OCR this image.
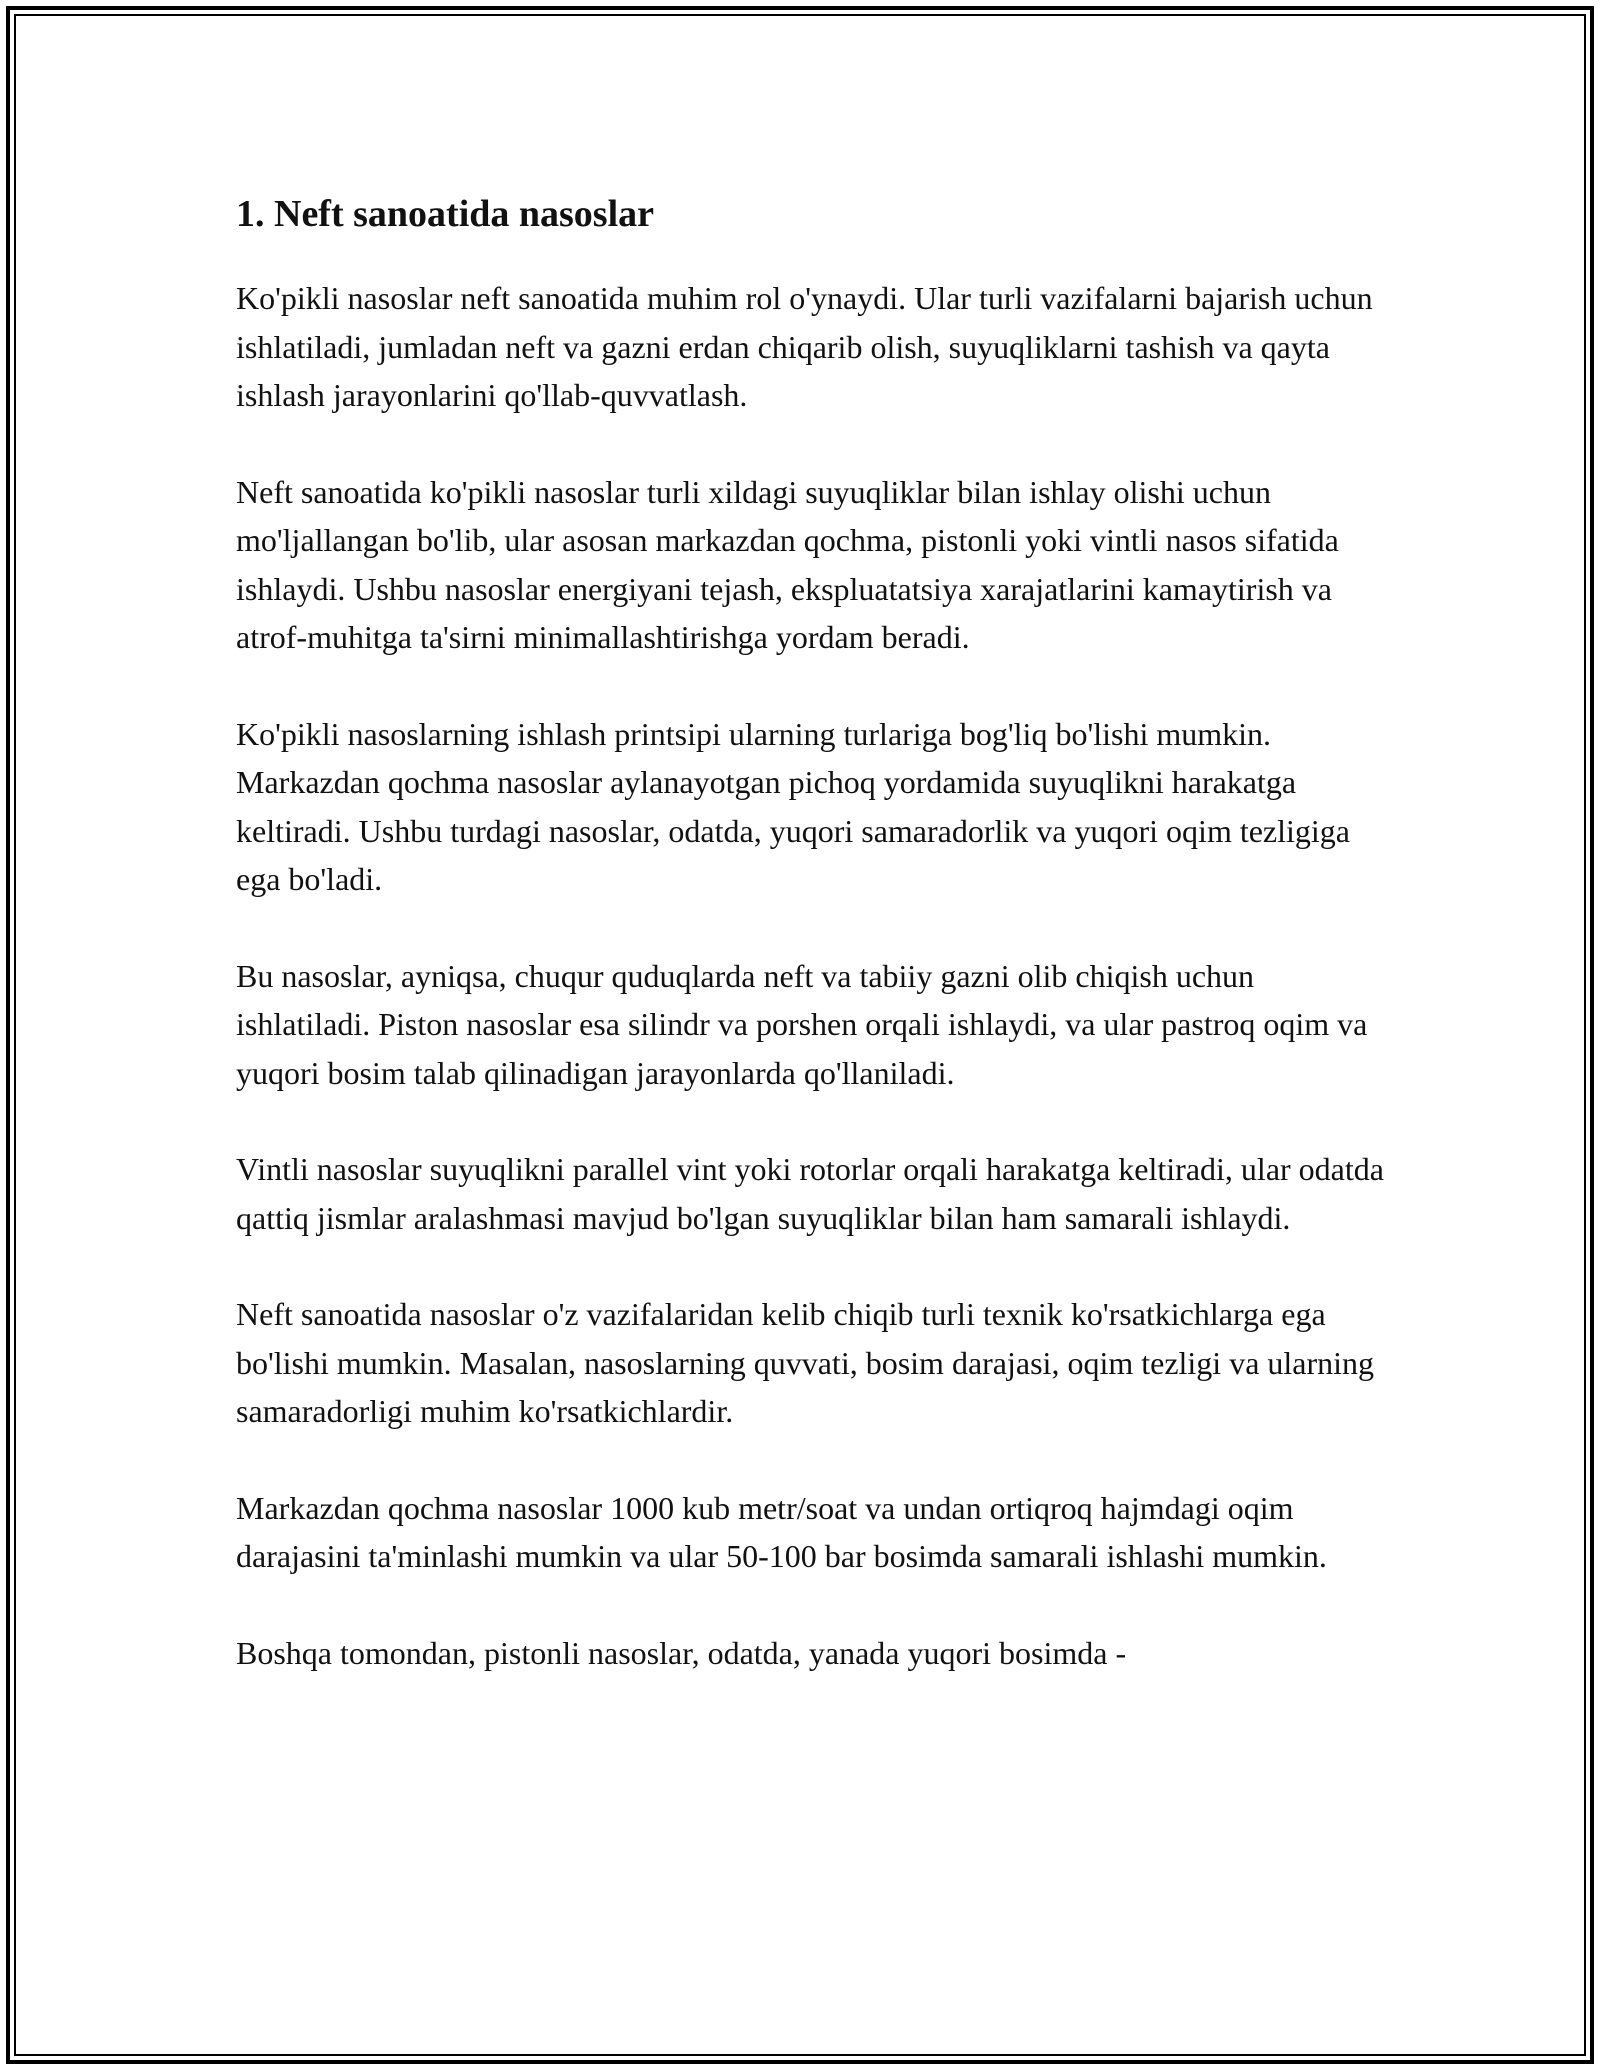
1. Neft sanoatida nasoslar

Ko'pikli nasoslar neft sanoatida muhim rol o'ynaydi. Ular turli vazifalarni bajarish uchun ishlatiladi, jumladan neft va gazni erdan chiqarib olish, suyuqliklarni tashish va qayta ishlash jarayonlarini qo'llab-quvvatlash.

Neft sanoatida ko'pikli nasoslar turli xildagi suyuqliklar bilan ishlay olishi uchun mo'ljallangan bo'lib, ular asosan markazdan qochma, pistonli yoki vintli nasos sifatida ishlaydi. Ushbu nasoslar energiyani tejash, ekspluatatsiya xarajatlarini kamaytirish va atrof-muhitga ta'sirni minimallashtirishga yordam beradi.

Ko'pikli nasoslarning ishlash printsipi ularning turlariga bog'liq bo'lishi mumkin. Markazdan qochma nasoslar aylanayotgan pichoq yordamida suyuqlikni harakatga keltiradi. Ushbu turdagi nasoslar, odatda, yuqori samaradorlik va yuqori oqim tezligiga ega bo'ladi.

Bu nasoslar, ayniqsa, chuqur quduqlarda neft va tabiiy gazni olib chiqish uchun ishlatiladi. Piston nasoslar esa silindr va porshen orqali ishlaydi, va ular pastroq oqim va yuqori bosim talab qilinadigan jarayonlarda qo'llaniladi.

Vintli nasoslar suyuqlikni parallel vint yoki rotorlar orqali harakatga keltiradi, ular odatda qattiq jismlar aralashmasi mavjud bo'lgan suyuqliklar bilan ham samarali ishlaydi.

Neft sanoatida nasoslar o'z vazifalaridan kelib chiqib turli texnik ko'rsatkichlarga ega bo'lishi mumkin. Masalan, nasoslarning quvvati, bosim darajasi, oqim tezligi va ularning samaradorligi muhim ko'rsatkichlardir.

Markazdan qochma nasoslar 1000 kub metr/soat va undan ortiqroq hajmdagi oqim darajasini ta'minlashi mumkin va ular 50-100 bar bosimda samarali ishlashi mumkin.

Boshqa tomondan, pistonli nasoslar, odatda, yanada yuqori bosimda -
